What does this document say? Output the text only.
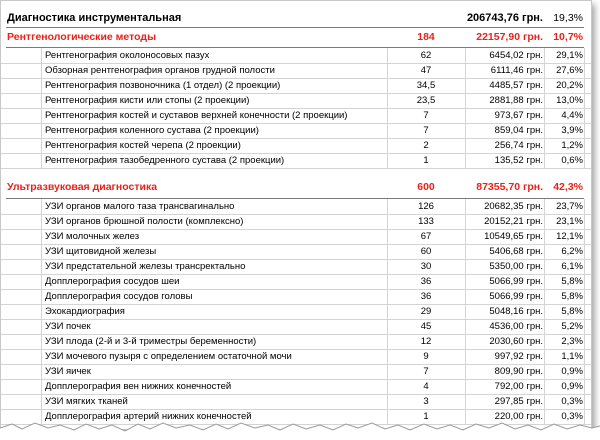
Диагностика инструментальная	206743,76 грн. 19,3%
Рентгенологические методы	184	22157,90 грн. 10,7%
Рентгенография околоносовых пазух	62	6454,02 грн.	29,1%
Обзорная рентгенография органов грудной полости	47	6111,46 грн.	27,6%
Рентгенография позвоночника (1 отдел) (2 проекции)	34,5	4485,57 грн.	20,2%
Рентгенография кисти или стопы (2 проекции)	23,5	2881,88 грн.	13,0%
Рентгенография костей и суставов верхней конечности (2 проекции)	7	973,67 грн.	4,4%
Рентгенография коленного сустава (2 проекции)	7	859,04 грн.	3,9%
Рентгенография костей черепа (2 проекции)	2	256,74 грн.	1,2%
Рентгенография тазобедренного сустава (2 проекции)	1	135,52 грн.	0,6%
Ультразвуковая диагностика	600	87355,70 грн. 42,3%
УЗИ органов малого таза трансвагинально	126	20682,35 грн.	23,7%
УЗИ органов брюшной полости (комплексно)	133	20152,21 грн.	23,1%
УЗИ молочных желез	67	10549,65 грн.	12,1%
УЗИ щитовидной железы	60	5406,68 грн.	6,2%
УЗИ предстательной железы трансректально	30	5350,00 грн.	6,1%
Допплерография сосудов шеи	36	5066,99 грн.	5,8%
Допплерография сосудов головы	36	5066,99 грн.	5,8%
Эхокардиография	29	5048,16 грн.	5,8%
УЗИ почек	45	4536,00 грн.	5,2%
УЗИ плода (2-й и 3-й триместры беременности)	12	2030,60 грн.	2,3%
УЗИ мочевого пузыря с определением остаточной мочи	9	997,92 грн.	1,1%
УЗИ яичек	7	809,90 грн.	0,9%
Допплерография вен нижних конечностей	4	792,00 грн.	0,9%
УЗИ мягких тканей	3	297,85 грн.	0,3%
Допплерография артерий нижних конечностей	1	220,00 грн.	0,3%
